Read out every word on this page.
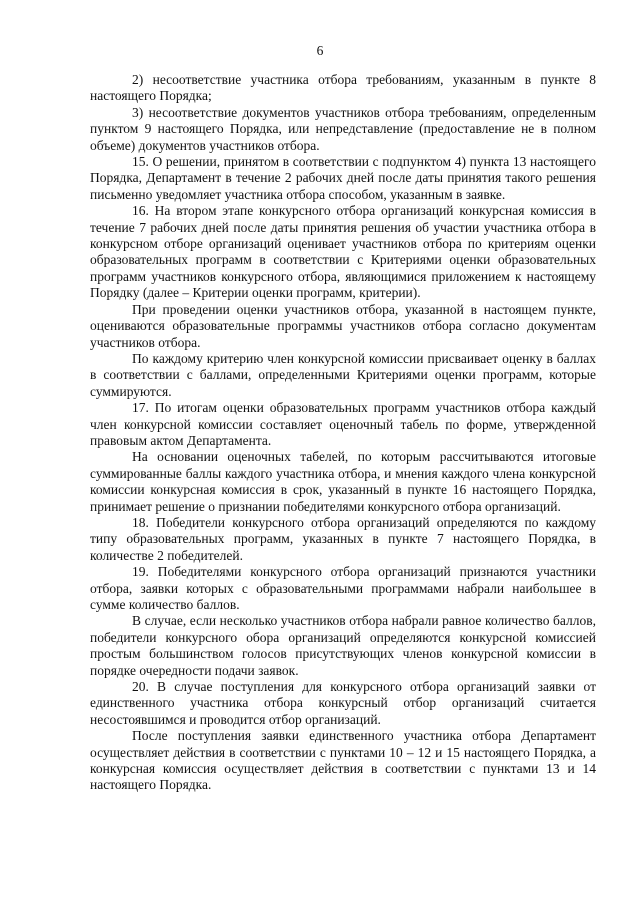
6

2) несоответствие участника отбора требованиям, указанным в пункте 8 настоящего Порядка;

3) несоответствие документов участников отбора требованиям, определенным пунктом 9 настоящего Порядка, или непредставление (предоставление не в полном объеме) документов участников отбора.

15. О решении, принятом в соответствии с подпунктом 4) пункта 13 настоящего Порядка, Департамент в течение 2 рабочих дней после даты принятия такого решения письменно уведомляет участника отбора способом, указанным в заявке.

16. На втором этапе конкурсного отбора организаций конкурсная комиссия в течение 7 рабочих дней после даты принятия решения об участии участника отбора в конкурсном отборе организаций оценивает участников отбора по критериям оценки образовательных программ в соответствии с Критериями оценки образовательных программ участников конкурсного отбора, являющимися приложением к настоящему Порядку (далее – Критерии оценки программ, критерии).

При проведении оценки участников отбора, указанной в настоящем пункте, оцениваются образовательные программы участников отбора согласно документам участников отбора.

По каждому критерию член конкурсной комиссии присваивает оценку в баллах в соответствии с баллами, определенными Критериями оценки программ, которые суммируются.

17. По итогам оценки образовательных программ участников отбора каждый член конкурсной комиссии составляет оценочный табель по форме, утвержденной правовым актом Департамента.

На основании оценочных табелей, по которым рассчитываются итоговые суммированные баллы каждого участника отбора, и мнения каждого члена конкурсной комиссии конкурсная комиссия в срок, указанный в пункте 16 настоящего Порядка, принимает решение о признании победителями конкурсного отбора организаций.

18. Победители конкурсного отбора организаций определяются по каждому типу образовательных программ, указанных в пункте 7 настоящего Порядка, в количестве 2 победителей.

19. Победителями конкурсного отбора организаций признаются участники отбора, заявки которых с образовательными программами набрали наибольшее в сумме количество баллов.

В случае, если несколько участников отбора набрали равное количество баллов, победители конкурсного обора организаций определяются конкурсной комиссией простым большинством голосов присутствующих членов конкурсной комиссии в порядке очередности подачи заявок.

20. В случае поступления для конкурсного отбора организаций заявки от единственного участника отбора конкурсный отбор организаций считается несостоявшимся и проводится отбор организаций.

После поступления заявки единственного участника отбора Департамент осуществляет действия в соответствии с пунктами 10 – 12 и 15 настоящего Порядка, а конкурсная комиссия осуществляет действия в соответствии с пунктами 13 и 14 настоящего Порядка.
